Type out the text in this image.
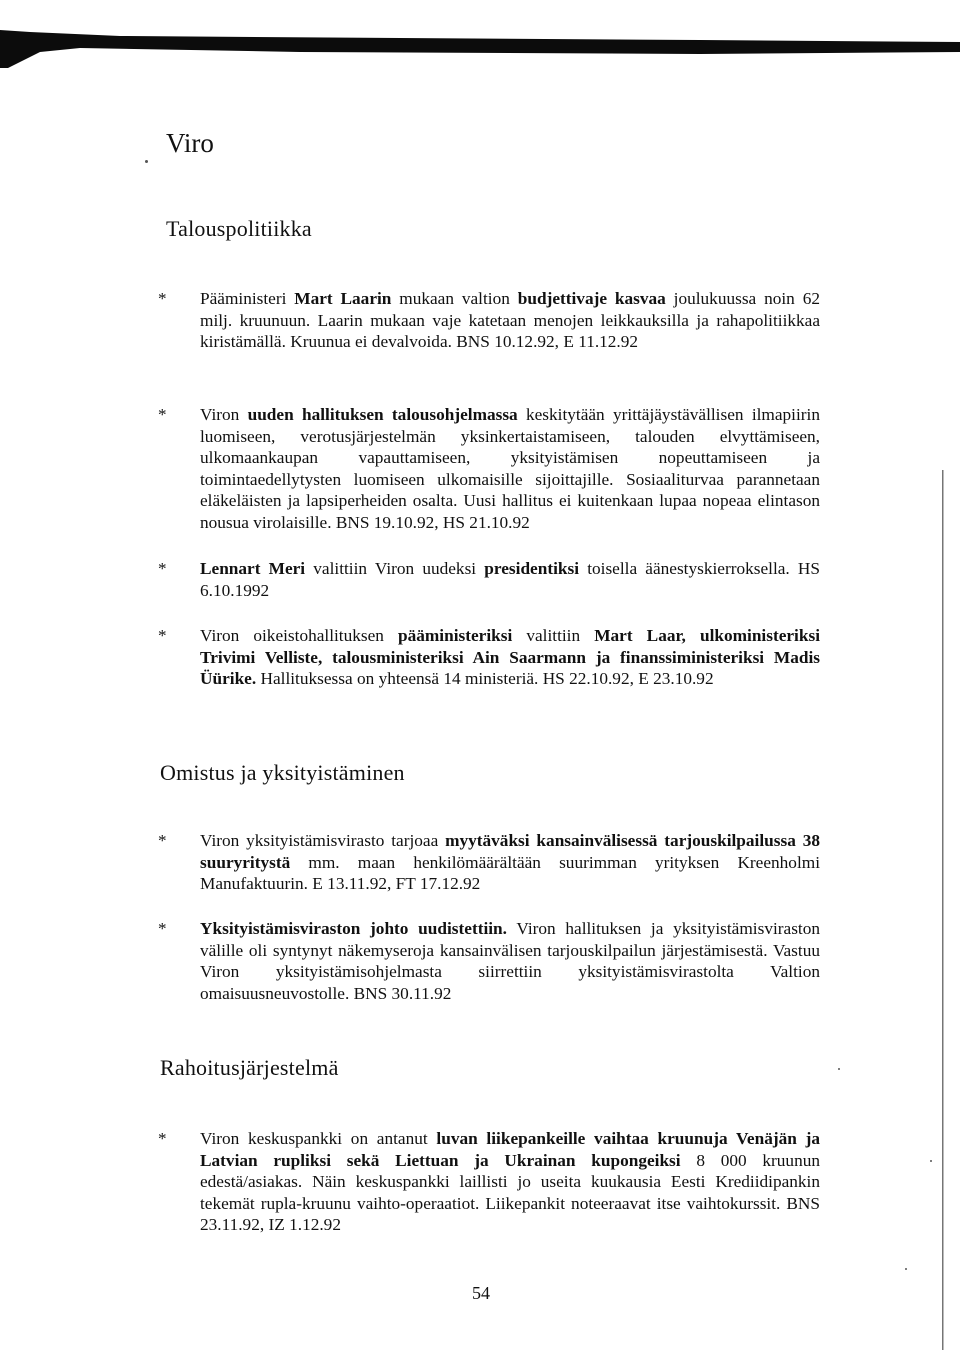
Viro
Talouspolitiikka
* Pääministeri Mart Laarin mukaan valtion budjettivaje kasvaa joulukuussa noin 62 milj. kruunuun. Laarin mukaan vaje katetaan menojen leikkauksilla ja rahapolitiikkaa kiristämällä. Kruunua ei devalvoida. BNS 10.12.92, E 11.12.92

* Viron uuden hallituksen talousohjelmassa keskitytään yrittäjäystävällisen ilmapiirin luomiseen, verotusjärjestelmän yksinkertaistamiseen, talouden elvyttämiseen, ulkomaankaupan vapauttamiseen, yksityistämisen nopeuttamiseen ja toimintaedellytysten luomiseen ulkomaisille sijoittajille. Sosiaaliturvaa parannetaan eläkeläisten ja lapsiperheiden osalta. Uusi hallitus ei kuitenkaan lupaa nopeaa elintason nousua virolaisille. BNS 19.10.92, HS 21.10.92

* Lennart Meri valittiin Viron uudeksi presidentiksi toisella äänestyskierroksella. HS 6.10.1992

* Viron oikeistohallituksen pääministeriksi valittiin Mart Laar, ulkoministeriksi Trivimi Velliste, talousministeriksi Ain Saarmann ja finanssiministeriksi Madis Üürike. Hallituksessa on yhteensä 14 ministeriä. HS 22.10.92, E 23.10.92

Omistus ja yksityistäminen
* Viron yksityistämisvirasto tarjoaa myytäväksi kansainvälisessä tarjouskilpailussa 38 suuryritystä mm. maan henkilömäärältään suurimman yrityksen Kreenholmi Manufaktuurin. E 13.11.92, FT 17.12.92

* Yksityistämisviraston johto uudistettiin. Viron hallituksen ja yksityistämisviraston välille oli syntynyt näkemyseroja kansainvälisen tarjouskilpailun järjestämisestä. Vastuu Viron yksityistämisohjelmasta siirrettiin yksityistämisvirastolta Valtion omaisuusneuvostolle. BNS 30.11.92

Rahoitusjärjestelmä
* Viron keskuspankki on antanut luvan liikepankeille vaihtaa kruunuja Venäjän ja Latvian rupliksi sekä Liettuan ja Ukrainan kupongeiksi 8 000 kruunun edestä/asiakas. Näin keskuspankki laillisti jo useita kuukausia Eesti Krediidipankin tekemät rupla-kruunu vaihto-operaatiot. Liikepankit noteeraavat itse vaihtokurssit. BNS 23.11.92, IZ 1.12.92

54
